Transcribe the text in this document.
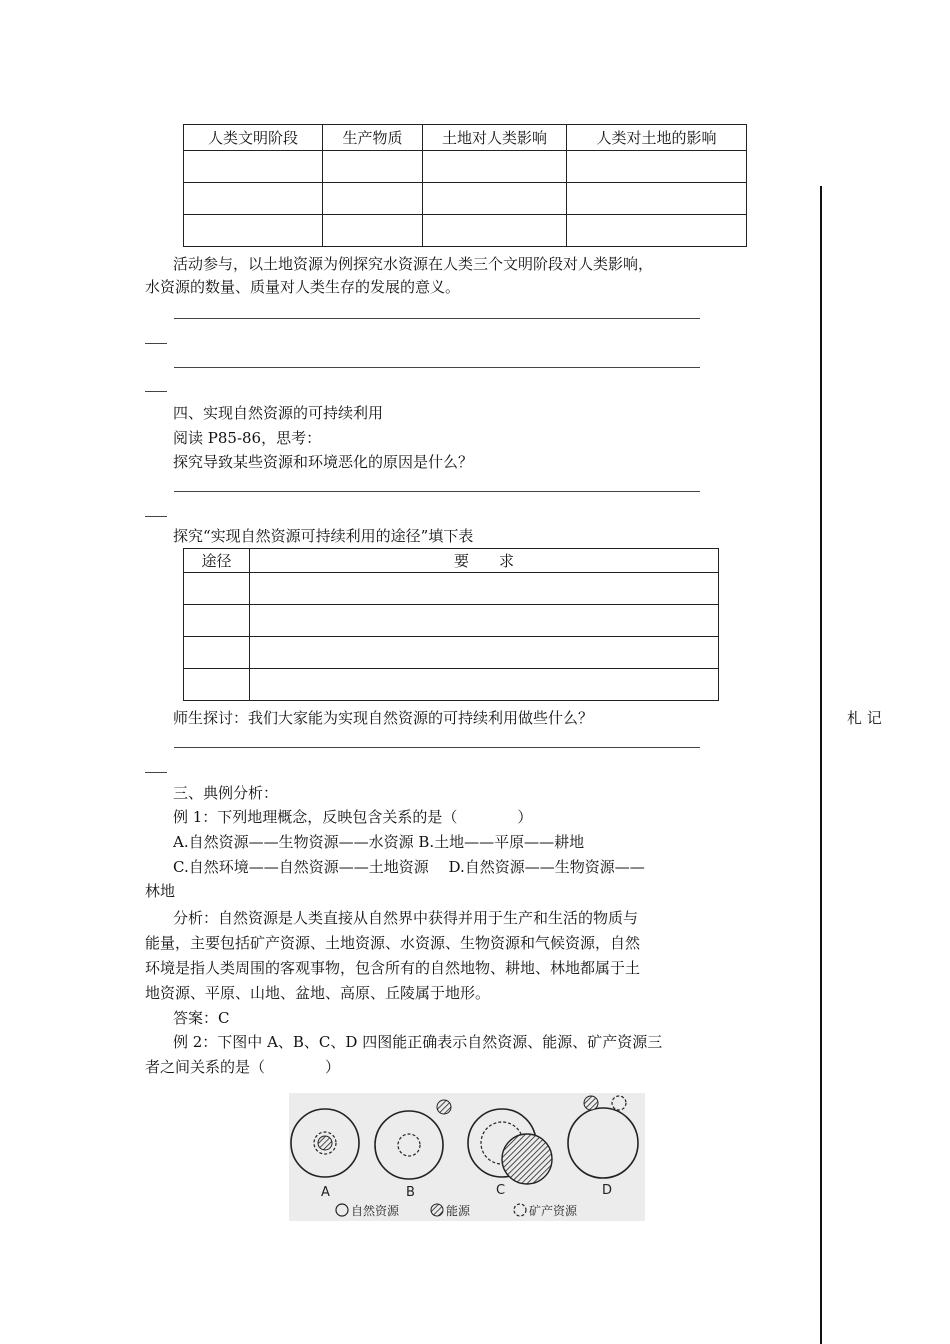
人类文明阶段	生产物质	土地对人类影响	人类对土地的影响

活动参与，以土地资源为例探究水资源在人类三个文明阶段对人类影响，
水资源的数量、质量对人类生存的发展的意义。
四、实现自然资源的可持续利用
阅读 P85-86，思考：
探究导致某些资源和环境恶化的原因是什么？
探究“实现自然资源可持续利用的途径”填下表
途径	要　　求

师生探讨：我们大家能为实现自然资源的可持续利用做些什么？	札 记
三、典例分析：
例 1：下列地理概念，反映包含关系的是（　　　　）
A.自然资源——生物资源——水资源 B.土地——平原——耕地
C.自然环境——自然资源——土地资源　 D.自然资源——生物资源——
林地
分析：自然资源是人类直接从自然界中获得并用于生产和生活的物质与
能量，主要包括矿产资源、土地资源、水资源、生物资源和气候资源，自然
环境是指人类周围的客观事物，包含所有的自然地物、耕地、林地都属于土
地资源、平原、山地、盆地、高原、丘陵属于地形。
答案：C
例 2：下图中 A、B、C、D 四图能正确表示自然资源、能源、矿产资源三
者之间关系的是（　　　　）
A	B	C	D
自然资源	能源	矿产资源
